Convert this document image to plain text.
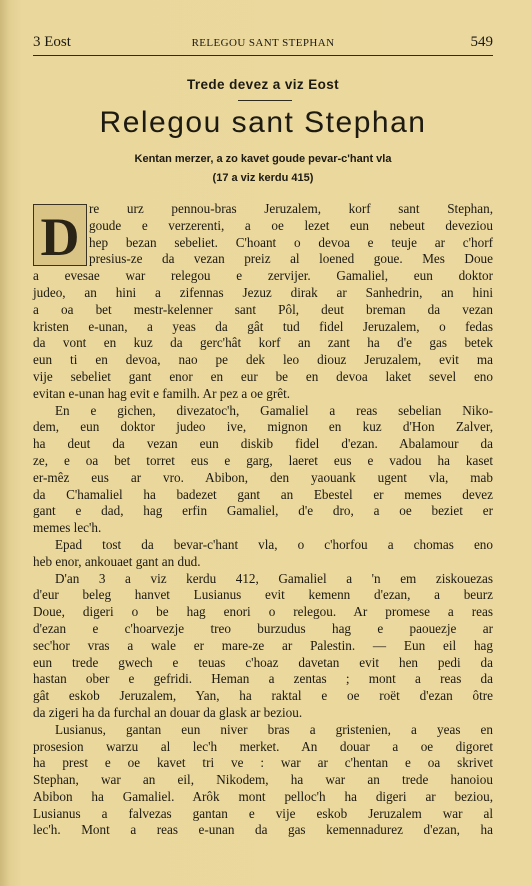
3 Eost	RELEGOU SANT STEPHAN	549
Trede devez a viz Eost
Relegou sant Stephan
Kentan merzer, a zo kavet goude pevar-c'hant vla
(17 a viz kerdu 415)
D re urz pennou-bras Jeruzalem, korf sant Stephan,
goude e verzerenti, a oe lezet eun nebeut deveziou
hep bezan sebeliet. C'hoant o devoa e teuje ar c'horf
presius-ze da vezan preiz al loened goue. Mes Doue
a evesae war relegou e zervijer. Gamaliel, eun doktor
judeo, an hini a zifennas Jezuz dirak ar Sanhedrin, an hini
a oa bet mestr-kelenner sant Pôl, deut breman da vezan
kristen e-unan, a yeas da gât tud fidel Jeruzalem, o fedas
da vont en kuz da gerc'hât korf an zant ha d'e gas betek
eun ti en devoa, nao pe dek leo diouz Jeruzalem, evit ma
vije sebeliet gant enor en eur be en devoa laket sevel eno
evitan e-unan hag evit e familh. Ar pez a oe grêt.
En e gichen, divezatoc'h, Gamaliel a reas sebelian Niko-
dem, eun doktor judeo ive, mignon en kuz d'Hon Zalver,
ha deut da vezan eun diskib fidel d'ezan. Abalamour da
ze, e oa bet torret eus e garg, laeret eus e vadou ha kaset
er-mêz eus ar vro. Abibon, den yaouank ugent vla, mab
da C'hamaliel ha badezet gant an Ebestel er memes devez
gant e dad, hag erfin Gamaliel, d'e dro, a oe beziet er
memes lec'h.
Epad tost da bevar-c'hant vla, o c'horfou a chomas eno
heb enor, ankouaet gant an dud.
D'an 3 a viz kerdu 412, Gamaliel a 'n em ziskouezas
d'eur beleg hanvet Lusianus evit kemenn d'ezan, a beurz
Doue, digeri o be hag enori o relegou. Ar promese a reas
d'ezan e c'hoarvezje treo burzudus hag e paouezje ar
sec'hor vras a wale er mare-ze ar Palestin. — Eun eil hag
eun trede gwech e teuas c'hoaz davetan evit hen pedi da
hastan ober e gefridi. Heman a zentas ; mont a reas da
gât eskob Jeruzalem, Yan, ha raktal e oe roët d'ezan ôtre
da zigeri ha da furchal an douar da glask ar beziou.
Lusianus, gantan eun niver bras a gristenien, a yeas en
prosesion warzu al lec'h merket. An douar a oe digoret
ha prest e oe kavet tri ve : war ar c'hentan e oa skrivet
Stephan, war an eil, Nikodem, ha war an trede hanoiou
Abibon ha Gamaliel. Arôk mont pelloc'h ha digeri ar beziou,
Lusianus a falvezas gantan e vije eskob Jeruzalem war al
lec'h. Mont a reas e-unan da gas kemennadurez d'ezan, ha
